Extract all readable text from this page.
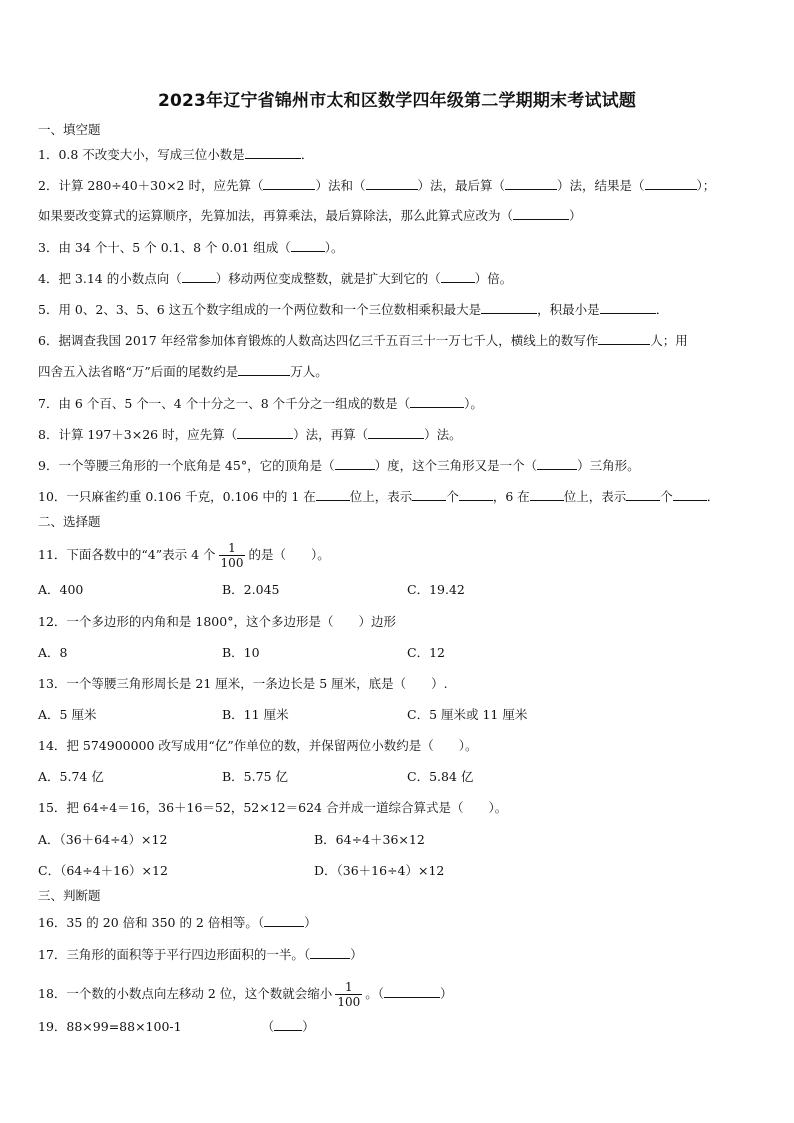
2023年辽宁省锦州市太和区数学四年级第二学期期末考试试题
一、填空题
1．0.8 不改变大小，写成三位小数是	．
2．计算 280÷40＋30×2 时，应先算（	）法和（	）法，最后算（	）法，结果是（	）；
如果要改变算式的运算顺序，先算加法，再算乘法，最后算除法，那么此算式应改为（	）
3．由 34 个十、5 个 0.1、8 个 0.01 组成（	）。
4．把 3.14 的小数点向（	）移动两位变成整数，就是扩大到它的（	）倍。
5．用 0、2、3、5、6 这五个数字组成的一个两位数和一个三位数相乘积最大是	，积最小是	．
6．据调查我国 2017 年经常参加体育锻炼的人数高达四亿三千五百三十一万七千人，横线上的数写作	人；用
四舍五入法省略“万”后面的尾数约是	万人。
7．由 6 个百、5 个一、4 个十分之一、8 个千分之一组成的数是（	）。
8．计算 197＋3×26 时，应先算（	）法，再算（	）法。
9．一个等腰三角形的一个底角是 45°，它的顶角是（	）度，这个三角形又是一个（	）三角形。
10．一只麻雀约重 0.106 千克，0.106 中的 1 在	位上，表示	个	，6 在	位上，表示	个	．
二、选择题
11．下面各数中的“4”表示 4 个 $\frac{1}{100}$ 的是（　　）。
A．400	B．2.045	C．19.42
12．一个多边形的内角和是 1800°，这个多边形是（　　）边形
A．8	B．10	C．12
13．一个等腰三角形周长是 21 厘米，一条边长是 5 厘米，底是（　　）.
A．5 厘米	B．11 厘米	C．5 厘米或 11 厘米
14．把 574900000 改写成用“亿”作单位的数，并保留两位小数约是（　　）。
A．5.74 亿	B．5.75 亿	C．5.84 亿
15．把 64÷4＝16，36＋16＝52，52×12＝624 合并成一道综合算式是（　　）。
A．（36＋64÷4）×12	B．64÷4＋36×12
C．（64÷4＋16）×12	D．（36＋16÷4）×12
三、判断题
16．35 的 20 倍和 350 的 2 倍相等。（	）
17．三角形的面积等于平行四边形面积的一半。（	）
18．一个数的小数点向左移动 2 位，这个数就会缩小 $\frac{1}{100}$ 。（	）
19．88×99=88×100-1	（ ）
